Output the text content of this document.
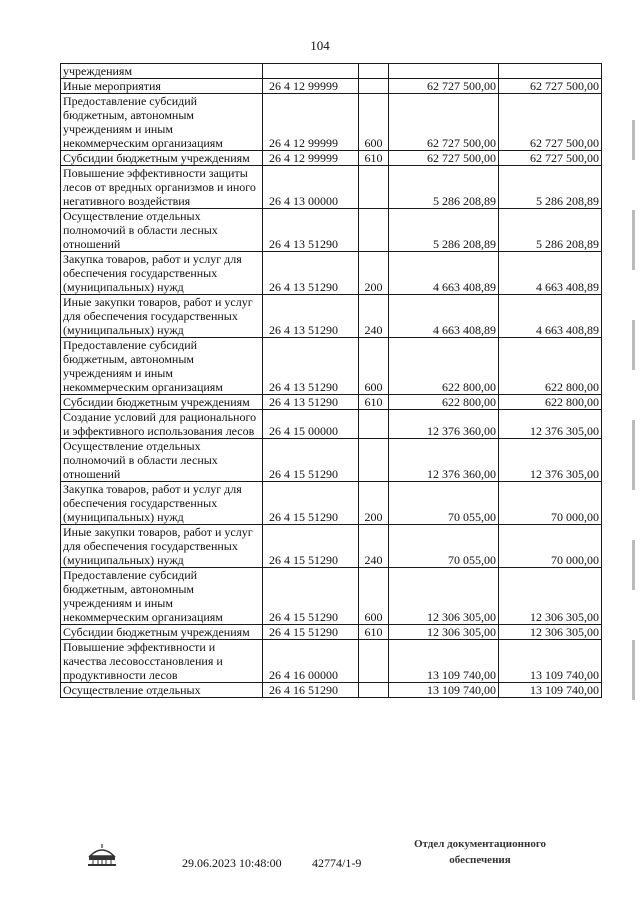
104
учреждениям				
Иные мероприятия	26 4 12 99999		62 727 500,00	62 727 500,00
Предоставление субсидий бюджетным, автономным учреждениям и иным некоммерческим организациям	26 4 12 99999	600	62 727 500,00	62 727 500,00
Субсидии бюджетным учреждениям	26 4 12 99999	610	62 727 500,00	62 727 500,00
Повышение эффективности защиты лесов от вредных организмов и иного негативного воздействия	26 4 13 00000		5 286 208,89	5 286 208,89
Осуществление отдельных полномочий в области лесных отношений	26 4 13 51290		5 286 208,89	5 286 208,89
Закупка товаров, работ и услуг для обеспечения государственных (муниципальных) нужд	26 4 13 51290	200	4 663 408,89	4 663 408,89
Иные закупки товаров, работ и услуг для обеспечения государственных (муниципальных) нужд	26 4 13 51290	240	4 663 408,89	4 663 408,89
Предоставление субсидий бюджетным, автономным учреждениям и иным некоммерческим организациям	26 4 13 51290	600	622 800,00	622 800,00
Субсидии бюджетным учреждениям	26 4 13 51290	610	622 800,00	622 800,00
Создание условий для рационального и эффективного использования лесов	26 4 15 00000		12 376 360,00	12 376 305,00
Осуществление отдельных полномочий в области лесных отношений	26 4 15 51290		12 376 360,00	12 376 305,00
Закупка товаров, работ и услуг для обеспечения государственных (муниципальных) нужд	26 4 15 51290	200	70 055,00	70 000,00
Иные закупки товаров, работ и услуг для обеспечения государственных (муниципальных) нужд	26 4 15 51290	240	70 055,00	70 000,00
Предоставление субсидий бюджетным, автономным учреждениям и иным некоммерческим организациям	26 4 15 51290	600	12 306 305,00	12 306 305,00
Субсидии бюджетным учреждениям	26 4 15 51290	610	12 306 305,00	12 306 305,00
Повышение эффективности и качества лесовосстановления и продуктивности лесов	26 4 16 00000		13 109 740,00	13 109 740,00
Осуществление отдельных	26 4 16 51290		13 109 740,00	13 109 740,00
29.06.2023 10:48:00	42774/1-9
Отдел документационного
обеспечения
